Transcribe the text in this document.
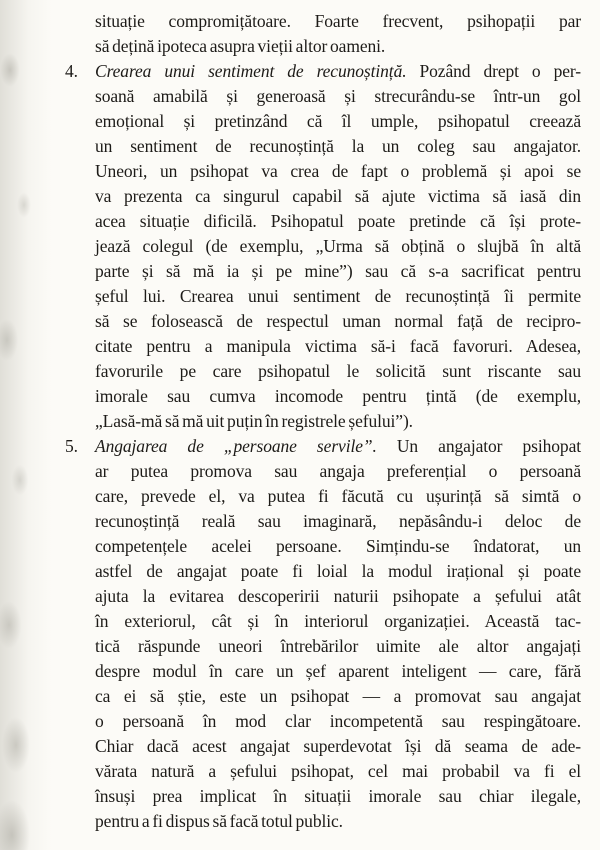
situație compromițătoare. Foarte frecvent, psihopații par
să dețină ipoteca asupra vieții altor oameni.
4. Crearea unui sentiment de recunoștință. Pozând drept o per-
soană amabilă și generoasă și strecurându-se într-un gol
emoțional și pretinzând că îl umple, psihopatul creează
un sentiment de recunoștință la un coleg sau angajator.
Uneori, un psihopat va crea de fapt o problemă și apoi se
va prezenta ca singurul capabil să ajute victima să iasă din
acea situație dificilă. Psihopatul poate pretinde că își prote-
jează colegul (de exemplu, „Urma să obțină o slujbă în altă
parte și să mă ia și pe mine”) sau că s-a sacrificat pentru
șeful lui. Crearea unui sentiment de recunoștință îi permite
să se folosească de respectul uman normal față de recipro-
citate pentru a manipula victima să-i facă favoruri. Adesea,
favorurile pe care psihopatul le solicită sunt riscante sau
imorale sau cumva incomode pentru țintă (de exemplu,
„Lasă-mă să mă uit puțin în registrele șefului”).
5. Angajarea de „persoane servile”. Un angajator psihopat
ar putea promova sau angaja preferențial o persoană
care, prevede el, va putea fi făcută cu ușurință să simtă o
recunoștință reală sau imaginară, nepăsându-i deloc de
competențele acelei persoane. Simțindu-se îndatorat, un
astfel de angajat poate fi loial la modul irațional și poate
ajuta la evitarea descoperirii naturii psihopate a șefului atât
în exteriorul, cât și în interiorul organizației. Această tac-
tică răspunde uneori întrebărilor uimite ale altor angajați
despre modul în care un șef aparent inteligent — care, fără
ca ei să știe, este un psihopat — a promovat sau angajat
o persoană în mod clar incompetentă sau respingătoare.
Chiar dacă acest angajat superdevotat își dă seama de ade-
vărata natură a șefului psihopat, cel mai probabil va fi el
însuși prea implicat în situații imorale sau chiar ilegale,
pentru a fi dispus să facă totul public.
